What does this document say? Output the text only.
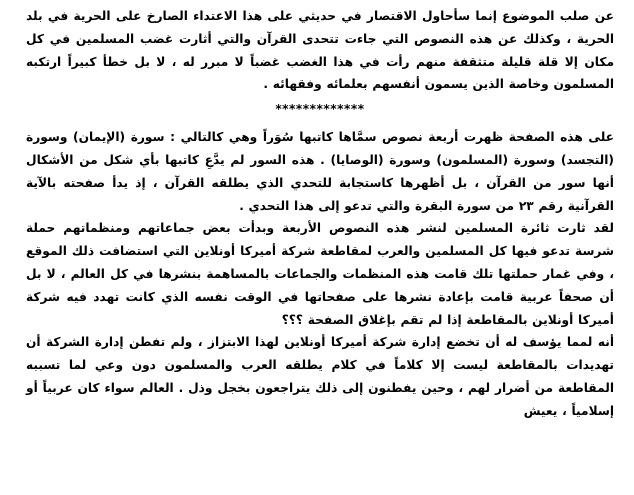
عن صلب الموضوع إنما سأحاول الاقتصار في حديثي على هذا الاعتداء الصارخ على الحرية في بلد الحرية ، وكذلك عن هذه النصوص التي جاءت تتحدى القرآن والتي أثارت غضب المسلمين في كل مكان إلا قلة قليلة متثقفة منهم رأت في هذا الغضب غضباً لا مبرر له ، لا بل خطأ كبيراً ارتكبه المسلمون وخاصة الذين يسمون أنفسهم بعلمائه وفقهائه .

*************

على هذه الصفحة ظهرت أربعة نصوص سمَّاها كاتبها سُوَراً وهي كالتالي : سورة (الإيمان) وسورة (التجسد) وسورة (المسلمون) وسورة (الوصايا) . هذه السور لم يدَّعِ كاتبها بأي شكل من الأشكال أنها سور من القرآن ، بل أظهرها كاستجابة للتحدي الذي يطلقه القرآن ، إذ يدأ صفحته بالآية القرآنية رقم ٢٣ من سورة البقرة والتي تدعو إلى هذا التحدي .

لقد ثارت ثائرة المسلمين لنشر هذه النصوص الأربعة وبدأت بعض جماعاتهم ومنظماتهم حملة شرسة تدعو فيها كل المسلمين والعرب لمقاطعة شركة أميركا أونلاين التي استضافت ذلك الموقع ، وفي غمار حملتها تلك قامت هذه المنظمات والجماعات بالمساهمة بنشرها في كل العالم ، لا بل أن صحفاً عربية قامت بإعادة نشرها على صفحاتها في الوقت نفسه الذي كانت تهدد فيه شركة أميركا أونلاين بالمقاطعة إذا لم تقم بإغلاق الصفحة ؟؟؟

أنه لمما يؤسف له أن تخضع إدارة شركة أميركا أونلاين لهذا الابتزاز ، ولم تفطن إدارة الشركة أن تهديدات بالمقاطعة ليست إلا كلاماً في كلام يطلقه العرب والمسلمون دون وعي لما تسببه المقاطعة من أضرار لهم ، وحين يفطنون إلى ذلك يتراجعون بخجل وذل . العالم سواء كان عربياً أو إسلامياً ، يعيش
